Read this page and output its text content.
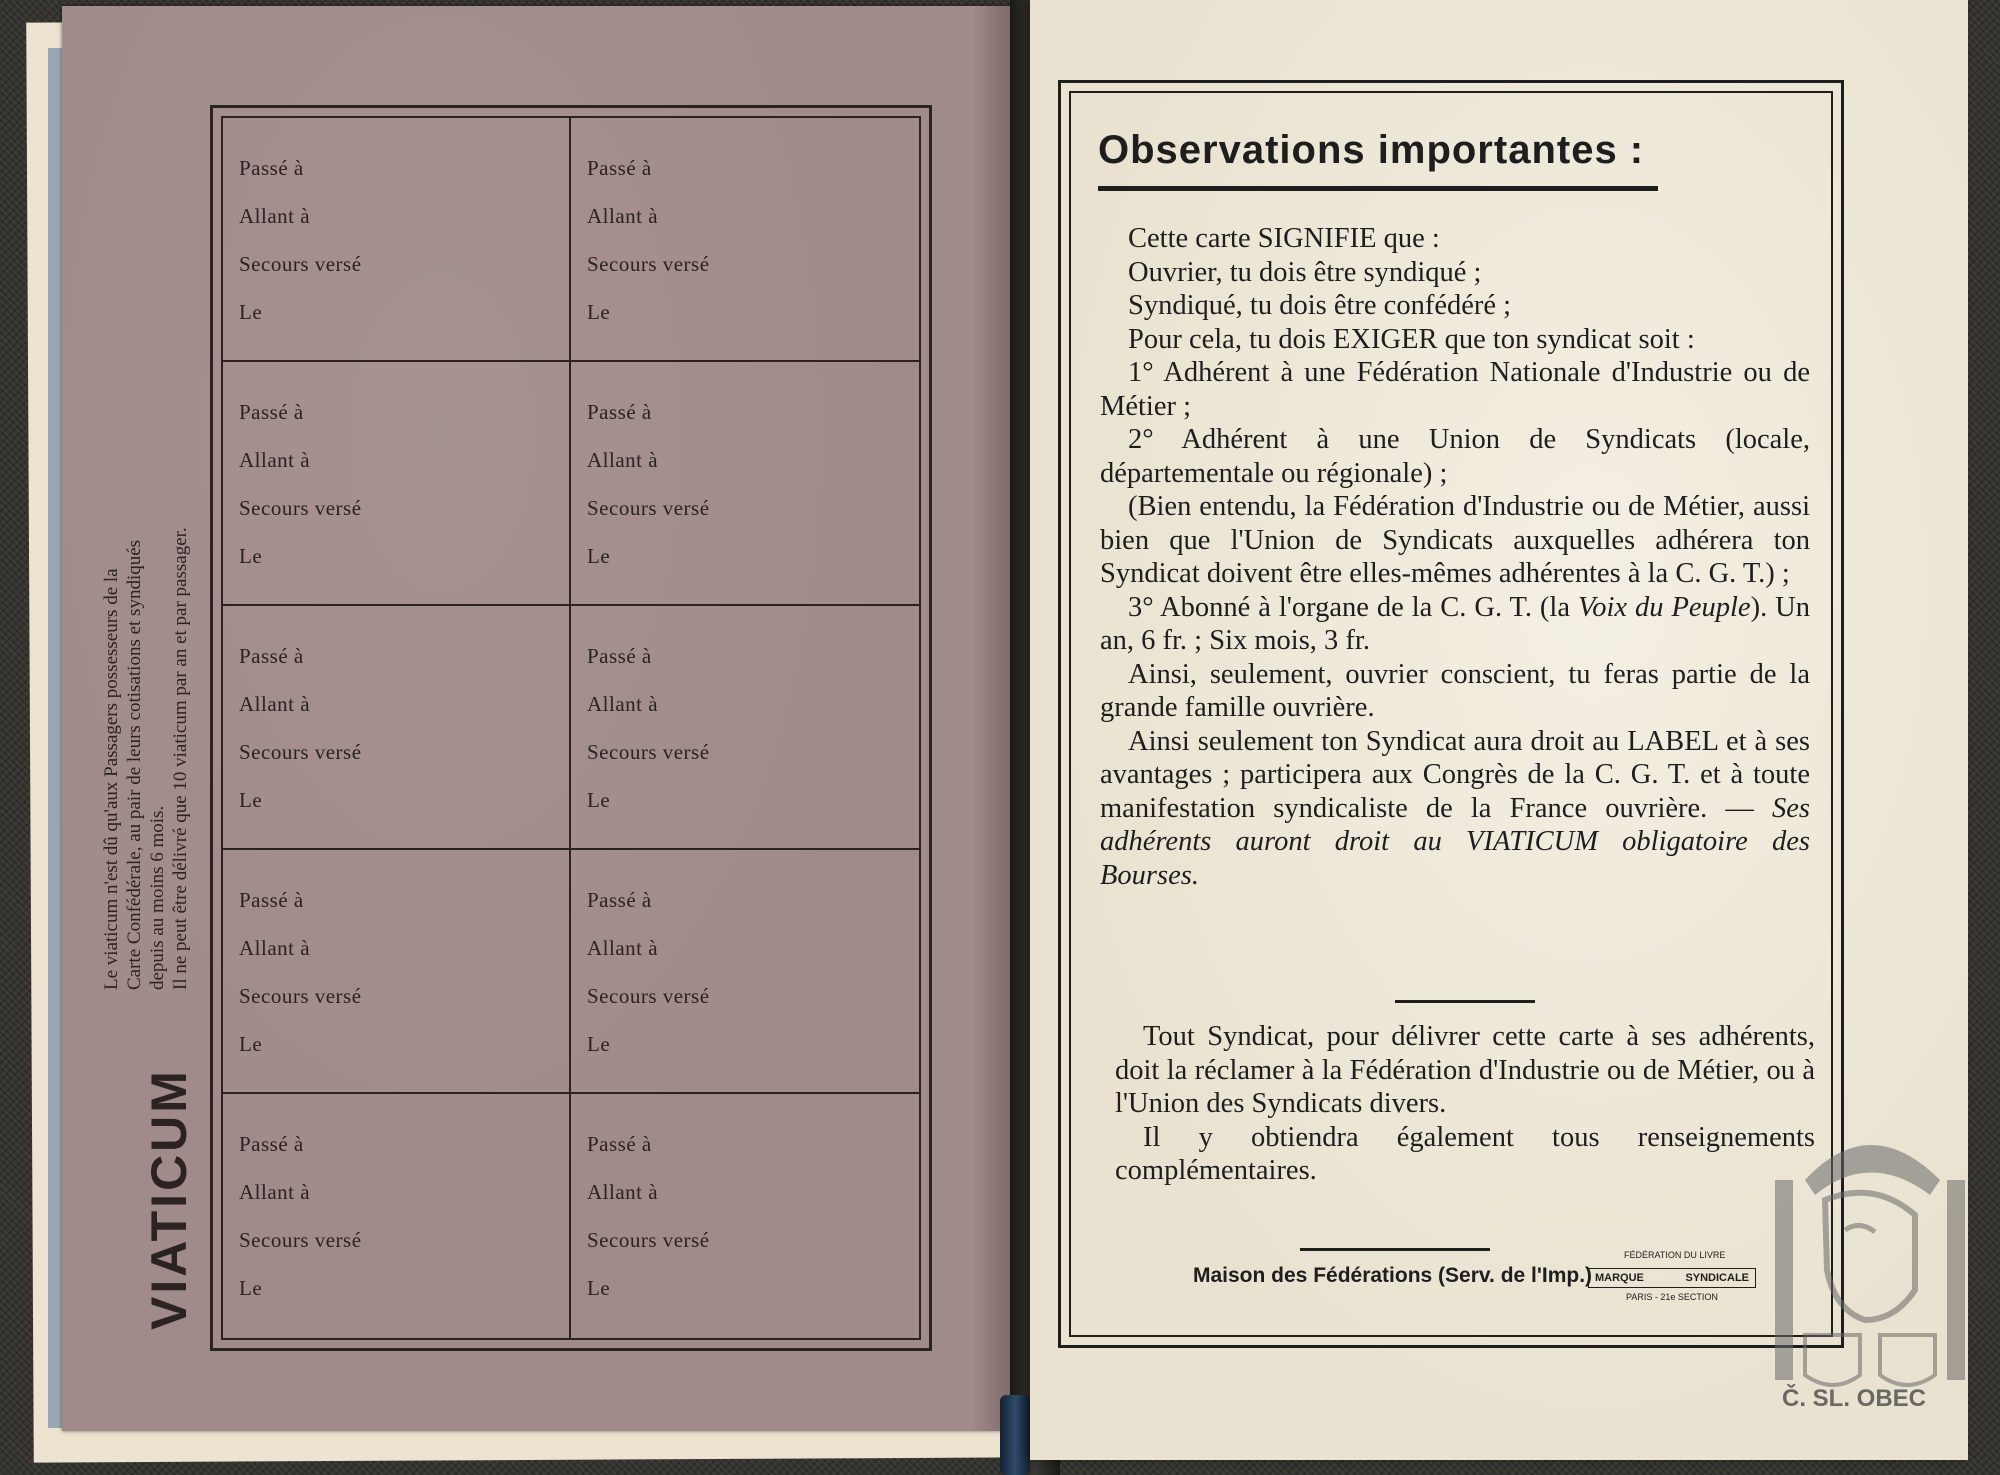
VIATICUM
Le viaticum n'est dû qu'aux Passagers possesseurs de la Carte Confédérale, au pair de leurs cotisations et syndiqués depuis au moins 6 mois. Il ne peut être délivré que 10 viaticum par an et par passager.
Passé à
Allant à
Secours versé
Le
Passé à
Allant à
Secours versé
Le
Passé à
Allant à
Secours versé
Le
Passé à
Allant à
Secours versé
Le
Passé à
Allant à
Secours versé
Le
Passé à
Allant à
Secours versé
Le
Passé à
Allant à
Secours versé
Le
Passé à
Allant à
Secours versé
Le
Passé à
Allant à
Secours versé
Le
Passé à
Allant à
Secours versé
Le
Observations importantes :

Cette carte SIGNIFIE que :

Ouvrier, tu dois être syndiqué ;

Syndiqué, tu dois être confédéré ;

Pour cela, tu dois EXIGER que ton syndicat soit :

1° Adhérent à une Fédération Nationale d'Industrie ou de Métier ;

2° Adhérent à une Union de Syndicats (locale, départementale ou régionale) ;

(Bien entendu, la Fédération d'Industrie ou de Métier, aussi bien que l'Union de Syndicats auxquelles adhérera ton Syndicat doivent être elles-mêmes adhérentes à la C. G. T.) ;

3° Abonné à l'organe de la C. G. T. (la Voix du Peuple). Un an, 6 fr. ; Six mois, 3 fr.

Ainsi, seulement, ouvrier conscient, tu feras partie de la grande famille ouvrière.

Ainsi seulement ton Syndicat aura droit au LABEL et à ses avantages ; participera aux Congrès de la C. G. T. et à toute manifestation syndicaliste de la France ouvrière. — Ses adhérents auront droit au VIATICUM obligatoire des Bourses.

Tout Syndicat, pour délivrer cette carte à ses adhérents, doit la réclamer à la Fédération d'Industrie ou de Métier, ou à l'Union des Syndicats divers.

Il y obtiendra également tous renseignements complémentaires.

Maison des Fédérations (Serv. de l'Imp.)
FÉDÉRATION DU LIVRE
MARQUE	SYNDICALE
PARIS - 21e SECTION
Č. SL. OBEC
